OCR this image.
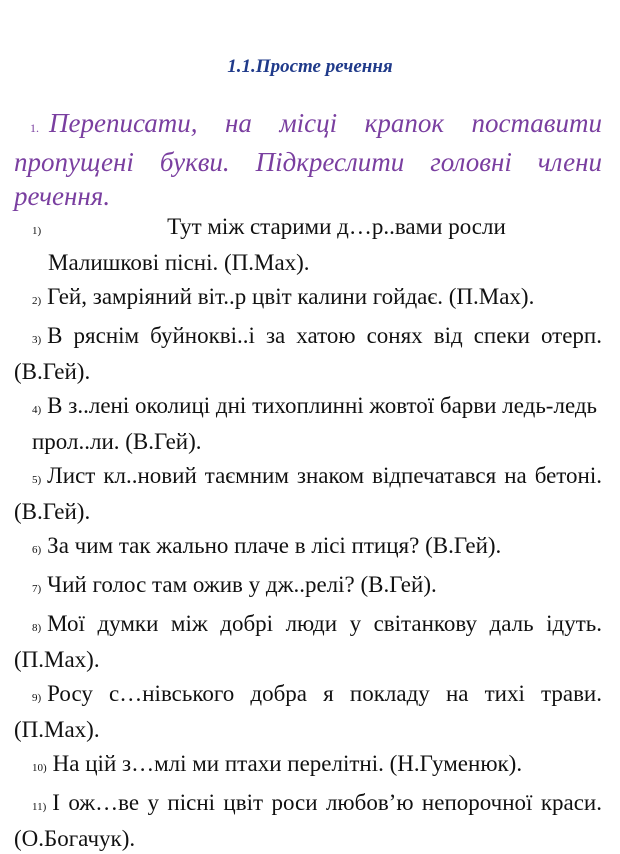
1.1.Просте речення
1. Переписати, на місці крапок поставити пропущені букви. Підкреслити головні члени речення.

1)	Тут між старими д…р..вами росли

Малишкові пісні. (П.Мах).

2) Гей, замріяний віт..р цвіт калини гойдає. (П.Мах).

3) В ряснім буйнокві..і за хатою сонях від спеки отерп. (В.Гей).

4) В з..лені околиці дні тихоплинні жовтої барви ледь-ледь

прол..ли. (В.Гей).

5) Лист кл..новий таємним знаком відпечатався на бетоні. (В.Гей).

6) За чим так жально плаче в лісі птиця? (В.Гей).

7) Чий голос там ожив у дж..релі? (В.Гей).

8) Мої думки між добрі люди у світанкову даль ідуть. (П.Мах).

9) Росу с…нівського добра я покладу на тихі трави. (П.Мах).

10) На цій з…млі ми птахи перелітні. (Н.Гуменюк).

11) І ож…ве у пісні цвіт роси любов’ю непорочної краси. (О.Богачук).
